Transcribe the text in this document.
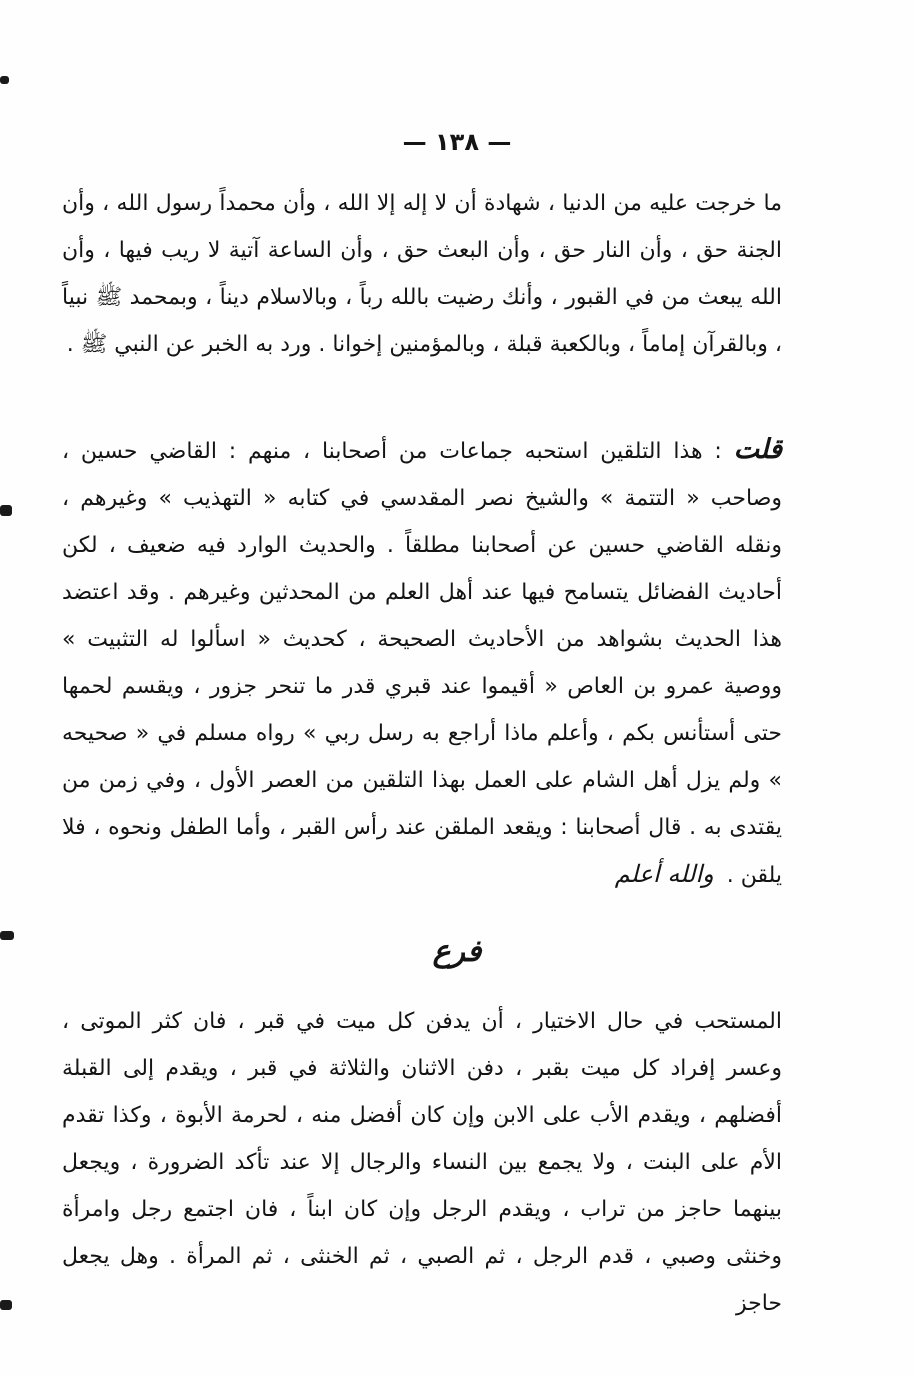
— ١٣٨ —

ما خرجت عليه من الدنيا ، شهادة أن لا إله إلا الله ، وأن محمداً رسول الله ، وأن الجنة حق ، وأن النار حق ، وأن البعث حق ، وأن الساعة آتية لا ريب فيها ، وأن الله يبعث من في القبور ، وأنك رضيت بالله رباً ، وبالاسلام ديناً ، وبمحمد ﷺ نبياً ، وبالقرآن إماماً ، وبالكعبة قبلة ، وبالمؤمنين إخوانا . ورد به الخبر عن النبي ﷺ .

قلت : هذا التلقين استحبه جماعات من أصحابنا ، منهم : القاضي حسين ، وصاحب « التتمة » والشيخ نصر المقدسي في كتابه « التهذيب » وغيرهم ، ونقله القاضي حسين عن أصحابنا مطلقاً . والحديث الوارد فيه ضعيف ، لكن أحاديث الفضائل يتسامح فيها عند أهل العلم من المحدثين وغيرهم . وقد اعتضد هذا الحديث بشواهد من الأحاديث الصحيحة ، كحديث « اسألوا له التثبيت » ووصية عمرو بن العاص « أقيموا عند قبري قدر ما تنحر جزور ، ويقسم لحمها حتى أستأنس بكم ، وأعلم ماذا أراجع به رسل ربي » رواه مسلم في « صحيحه » ولم يزل أهل الشام على العمل بهذا التلقين من العصر الأول ، وفي زمن من يقتدى به . قال أصحابنا : ويقعد الملقن عند رأس القبر ، وأما الطفل ونحوه ، فلا يلقن . والله أعلم

فرع

المستحب في حال الاختيار ، أن يدفن كل ميت في قبر ، فان كثر الموتى ، وعسر إفراد كل ميت بقبر ، دفن الاثنان والثلاثة في قبر ، ويقدم إلى القبلة أفضلهم ، ويقدم الأب على الابن وإن كان أفضل منه ، لحرمة الأبوة ، وكذا تقدم الأم على البنت ، ولا يجمع بين النساء والرجال إلا عند تأكد الضرورة ، ويجعل بينهما حاجز من تراب ، ويقدم الرجل وإن كان ابناً ، فان اجتمع رجل وامرأة وخنثى وصبي ، قدم الرجل ، ثم الصبي ، ثم الخنثى ، ثم المرأة . وهل يجعل حاجز
